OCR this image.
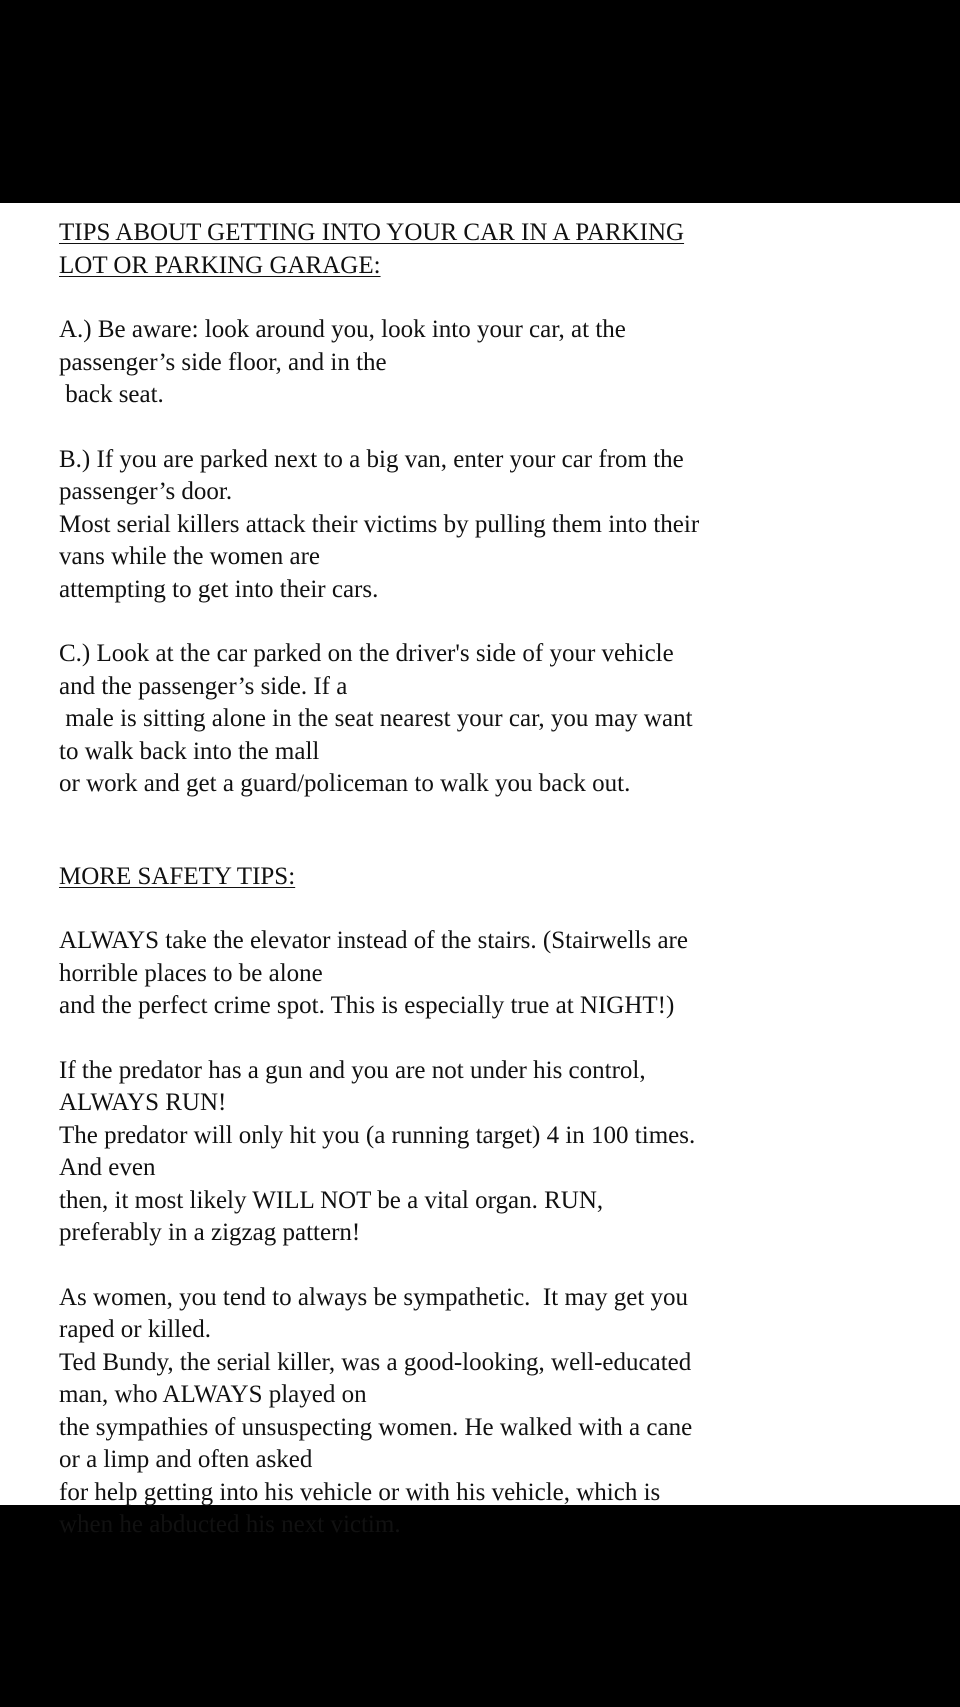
TIPS ABOUT GETTING INTO YOUR CAR IN A PARKING
LOT OR PARKING GARAGE:
A.) Be aware: look around you, look into your car, at the
passenger’s side floor, and in the
back seat.
B.) If you are parked next to a big van, enter your car from the
passenger’s door.
Most serial killers attack their victims by pulling them into their
vans while the women are
attempting to get into their cars.
C.) Look at the car parked on the driver's side of your vehicle
and the passenger’s side. If a
male is sitting alone in the seat nearest your car, you may want
to walk back into the mall
or work and get a guard/policeman to walk you back out.
MORE SAFETY TIPS:
ALWAYS take the elevator instead of the stairs. (Stairwells are
horrible places to be alone
and the perfect crime spot. This is especially true at NIGHT!)
If the predator has a gun and you are not under his control,
ALWAYS RUN!
The predator will only hit you (a running target) 4 in 100 times.
And even
then, it most likely WILL NOT be a vital organ. RUN,
preferably in a zigzag pattern!
As women, you tend to always be sympathetic.  It may get you
raped or killed.
Ted Bundy, the serial killer, was a good-looking, well-educated
man, who ALWAYS played on
the sympathies of unsuspecting women. He walked with a cane
or a limp and often asked
for help getting into his vehicle or with his vehicle, which is
when he abducted his next victim.
